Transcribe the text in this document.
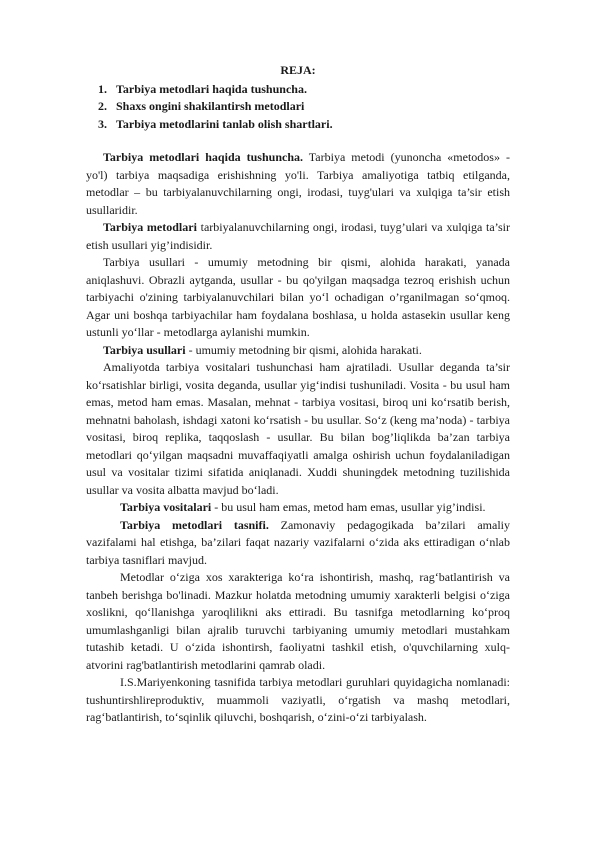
REJA:
1. Tarbiya metodlari haqida tushuncha.
2. Shaxs ongini shakilantirsh metodlari
3. Tarbiya metodlarini tanlab olish shartlari.

Tarbiya metodlari haqida tushuncha. Tarbiya metodi (yunoncha «metodos» - yo'l) tarbiya maqsadiga erishishning yo'li. Tarbiya amaliyotiga tatbiq etilganda, metodlar – bu tarbiyalanuvchilarning ongi, irodasi, tuyg'ulari va xulqiga ta’sir etish usullaridir.

Tarbiya metodlari tarbiyalanuvchilarning ongi, irodasi, tuyg’ulari va xulqiga ta’sir etish usullari yig’indisidir.

Tarbiya usullari - umumiy metodning bir qismi, alohida harakati, yanada aniqlashuvi. Obrazli aytganda, usullar - bu qo'yilgan maqsadga tezroq erishish uchun tarbiyachi o'zining tarbiyalanuvchilari bilan yo‘l ochadigan o’rganilmagan so‘qmoq. Agar uni boshqa tarbiyachilar ham foydalana boshlasa, u holda astasekin usullar keng ustunli yo‘llar - metodlarga aylanishi mumkin.

Tarbiya usullari - umumiy metodning bir qismi, alohida harakati.

Amaliyotda tarbiya vositalari tushunchasi ham ajratiladi. Usullar deganda ta’sir ko‘rsatishlar birligi, vosita deganda, usullar yig‘indisi tushuniladi. Vosita - bu usul ham emas, metod ham emas. Masalan, mehnat - tarbiya vositasi, biroq uni ko‘rsatib berish, mehnatni baholash, ishdagi xatoni ko‘rsatish - bu usullar. So‘z (keng ma’noda) - tarbiya vositasi, biroq replika, taqqoslash - usullar. Bu bilan bog’liqlikda ba’zan tarbiya metodlari qo‘yilgan maqsadni muvaffaqiyatli amalga oshirish uchun foydalaniladigan usul va vositalar tizimi sifatida aniqlanadi. Xuddi shuningdek metodning tuzilishida usullar va vosita albatta mavjud bo‘ladi.

Tarbiya vositalari - bu usul ham emas, metod ham emas, usullar yig’indisi.

Tarbiya metodlari tasnifi. Zamonaviy pedagogikada ba’zilari amaliy vazifalami hal etishga, ba’zilari faqat nazariy vazifalarni o‘zida aks ettiradigan o‘nlab tarbiya tasniflari mavjud.

Metodlar o‘ziga xos xarakteriga ko‘ra ishontirish, mashq, rag‘batlantirish va tanbeh berishga bo'linadi. Mazkur holatda metodning umumiy xarakterli belgisi o‘ziga xoslikni, qo‘llanishga yaroqlilikni aks ettiradi. Bu tasnifga metodlarning ko‘proq umumlashganligi bilan ajralib turuvchi tarbiyaning umumiy metodlari mustahkam tutashib ketadi. U o‘zida ishontirsh, faoliyatni tashkil etish, o'quvchilarning xulq-atvorini rag'batlantirish metodlarini qamrab oladi.

I.S.Mariyenkoning tasnifida tarbiya metodlari guruhlari quyidagicha nomlanadi: tushuntirshlireproduktiv, muammoli vaziyatli, o‘rgatish va mashq metodlari, rag‘batlantirish, to‘sqinlik qiluvchi, boshqarish, o‘zini-o‘zi tarbiyalash.
